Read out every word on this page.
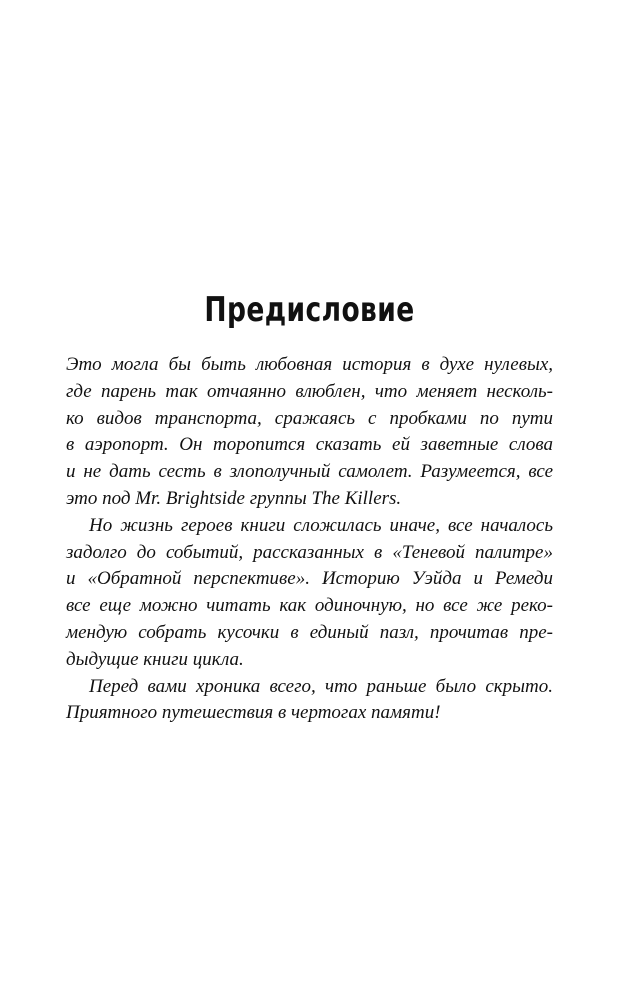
Предисловие
Это могла бы быть любовная история в духе нулевых,
где парень так отчаянно влюблен, что меняет несколь-
ко видов транспорта, сражаясь с пробками по пути
в аэропорт. Он торопится сказать ей заветные слова
и не дать сесть в злополучный самолет. Разумеется, все
это под Mr. Brightside группы The Killers.
Но жизнь героев книги сложилась иначе, все началось
задолго до событий, рассказанных в «Теневой палитре»
и «Обратной перспективе». Историю Уэйда и Ремеди
все еще можно читать как одиночную, но все же реко-
мендую собрать кусочки в единый пазл, прочитав пре-
дыдущие книги цикла.
Перед вами хроника всего, что раньше было скрыто.
Приятного путешествия в чертогах памяти!
